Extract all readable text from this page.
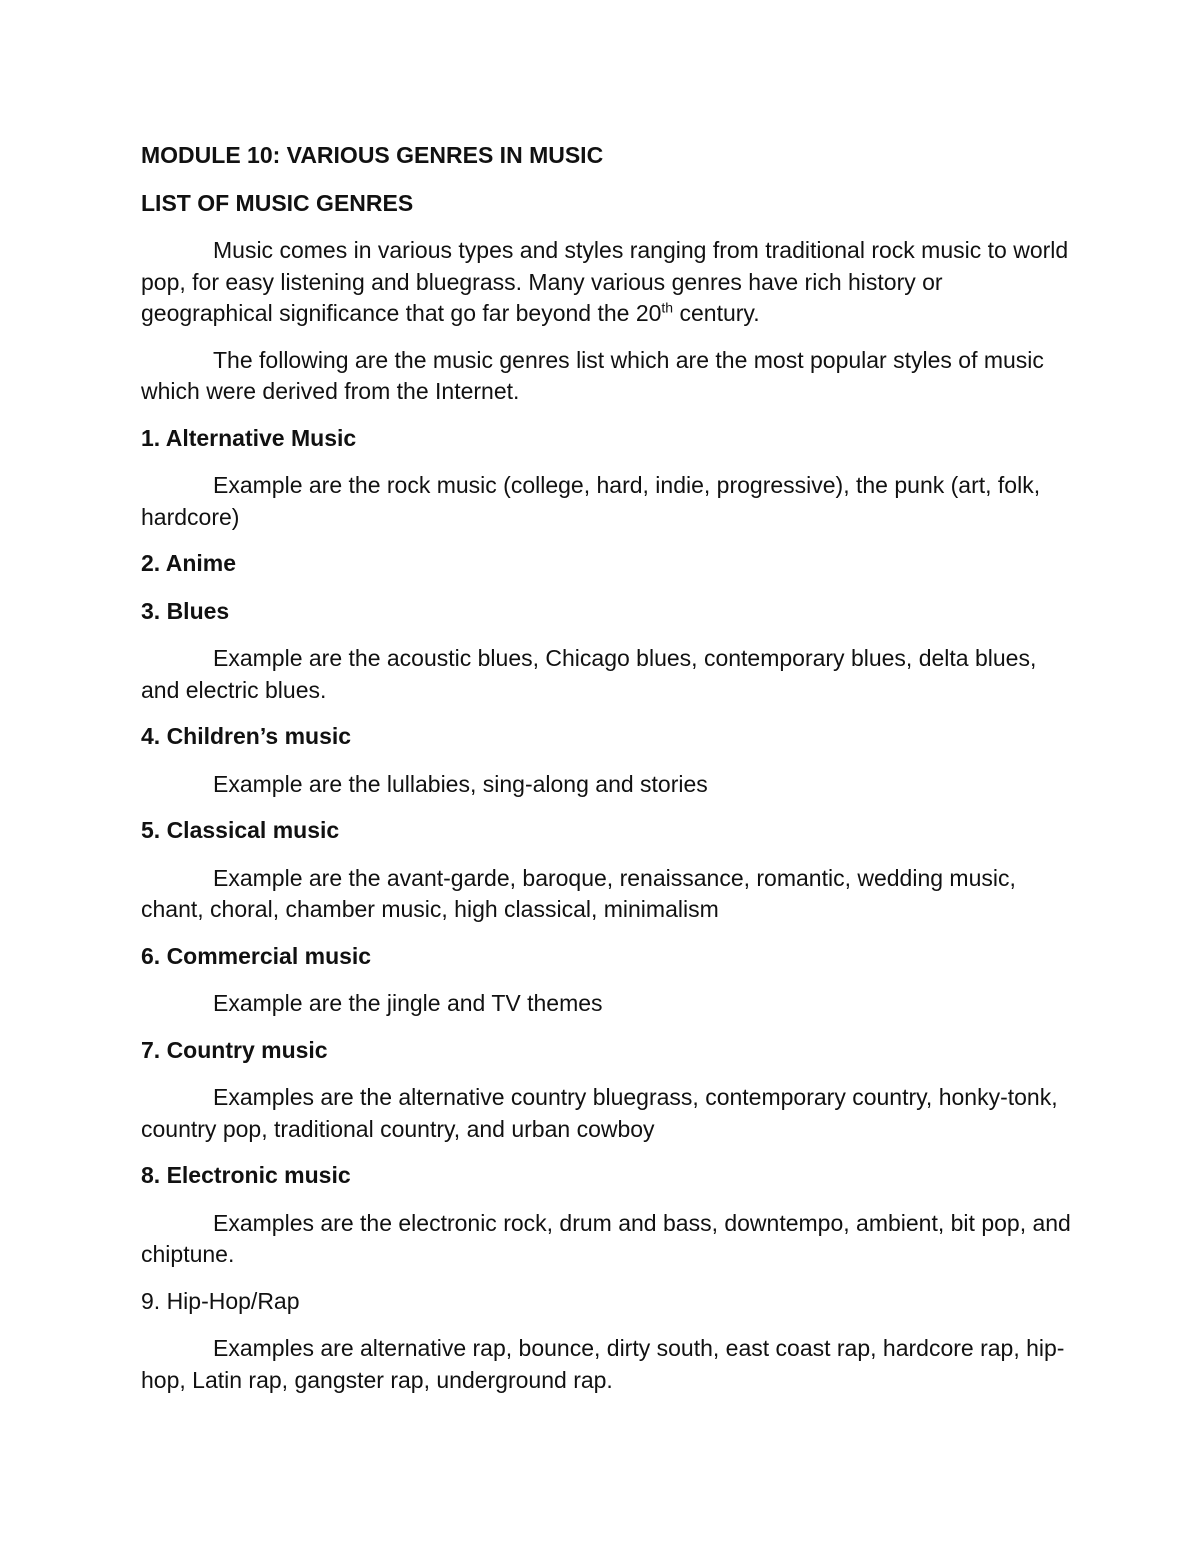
MODULE 10: VARIOUS GENRES IN MUSIC
LIST OF MUSIC GENRES

Music comes in various types and styles ranging from traditional rock music to world pop, for easy listening and bluegrass. Many various genres have rich history or geographical significance that go far beyond the 20th century.

The following are the music genres list which are the most popular styles of music which were derived from the Internet.

1. Alternative Music

Example are the rock music (college, hard, indie, progressive), the punk (art, folk, hardcore)

2. Anime
3. Blues

Example are the acoustic blues, Chicago blues, contemporary blues, delta blues, and electric blues.

4. Children’s music

Example are the lullabies, sing-along and stories

5. Classical music

Example are the avant-garde, baroque, renaissance, romantic, wedding music, chant, choral, chamber music, high classical, minimalism

6. Commercial music

Example are the jingle and TV themes

7. Country music

Examples are the alternative country bluegrass, contemporary country, honky-tonk, country pop, traditional country, and urban cowboy

8. Electronic music

Examples are the electronic rock, drum and bass, downtempo, ambient, bit pop, and chiptune.

9. Hip-Hop/Rap

Examples are alternative rap, bounce, dirty south, east coast rap, hardcore rap, hip-hop, Latin rap, gangster rap, underground rap.
